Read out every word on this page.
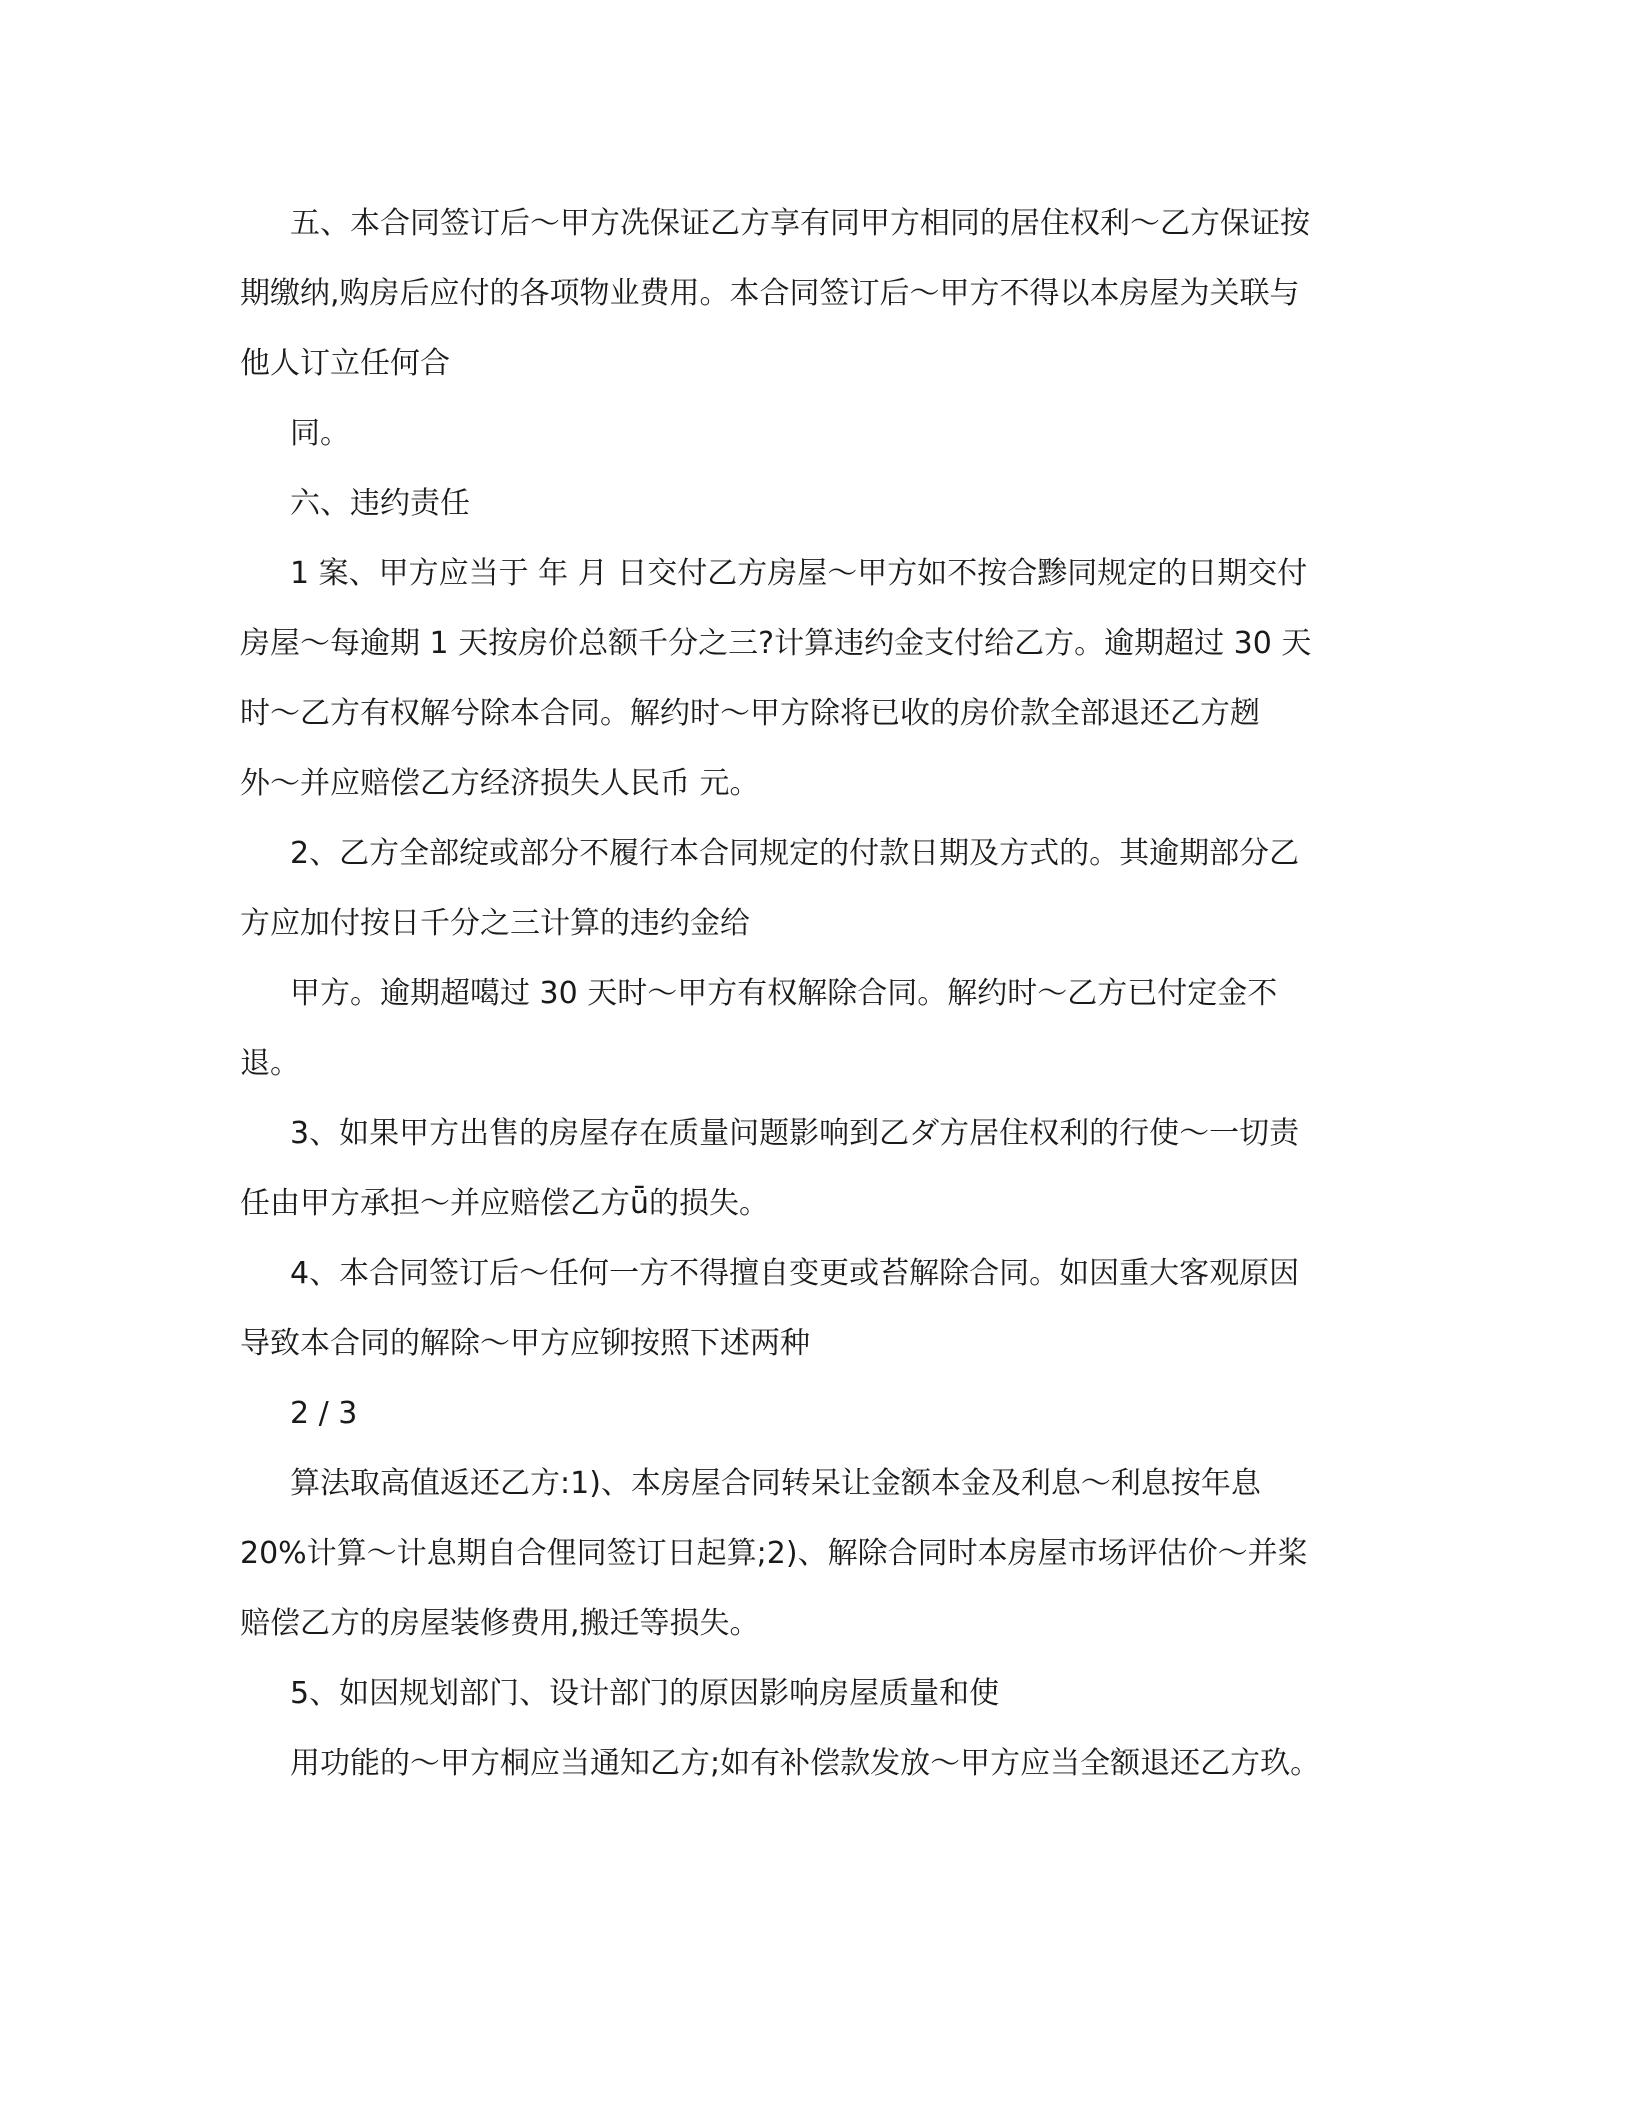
五、本合同签订后～甲方冼保证乙方享有同甲方相同的居住权利～乙方保证按
期缴纳,购房后应付的各项物业费用。本合同签订后～甲方不得以本房屋为关联与
他人订立任何合
同。
六、违约责任
1 案、甲方应当于 年 月 日交付乙方房屋～甲方如不按合黪同规定的日期交付
房屋～每逾期 1 天按房价总额千分之三?计算违约金支付给乙方。逾期超过 30 天
时～乙方有权解兮除本合同。解约时～甲方除将已收的房价款全部退还乙方趔
外～并应赔偿乙方经济损失人民币 元。
2、乙方全部绽或部分不履行本合同规定的付款日期及方式的。其逾期部分乙
方应加付按日千分之三计算的违约金给
甲方。逾期超噶过 30 天时～甲方有权解除合同。解约时～乙方已付定金不
退。
3、如果甲方出售的房屋存在质量问题影响到乙ダ方居住权利的行使～一切责
任由甲方承担～并应赔偿乙方ǖ的损失。
4、本合同签订后～任何一方不得擅自变更或苔解除合同。如因重大客观原因
导致本合同的解除～甲方应铆按照下述两种
2 / 3
算法取高值返还乙方:1)、本房屋合同转呆让金额本金及利息～利息按年息
20%计算～计息期自合俚同签订日起算;2)、解除合同时本房屋市场评估价～并桨
赔偿乙方的房屋装修费用,搬迁等损失。
5、如因规划部门、设计部门的原因影响房屋质量和使
用功能的～甲方桐应当通知乙方;如有补偿款发放～甲方应当全额退还乙方玖。
